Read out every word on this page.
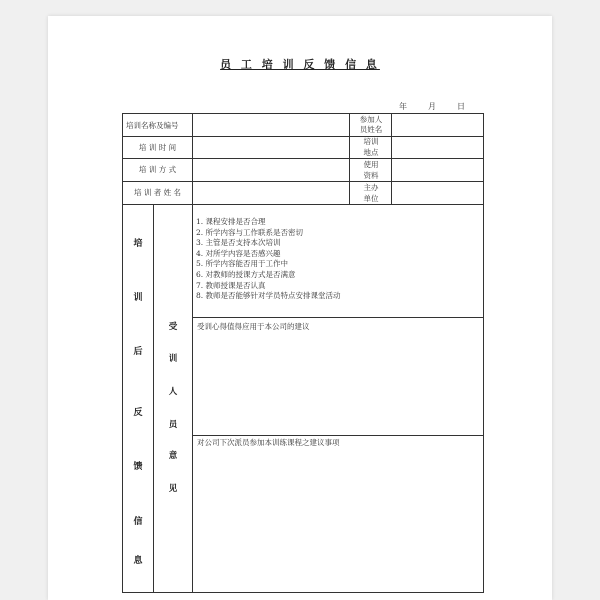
员 工 培 训 反 馈 信 息
年	月	日
培训名称及编号
参加人
员姓名
培 训 时 间
培训
地点
培 训 方 式
使用
资料
培 训 者 姓 名
主办
单位
培
训
后
反
馈
信
息
受
训
人
员
意
见
1. 课程安排是否合理
2. 所学内容与工作联系是否密切
3. 主管是否支持本次培训
4. 对所学内容是否感兴趣
5. 所学内容能否用于工作中
6. 对教师的授课方式是否满意
7. 教师授课是否认真
8. 教师是否能够针对学员特点安排课堂活动
受训心得值得应用于本公司的建议
对公司下次派员参加本训练课程之建议事项
